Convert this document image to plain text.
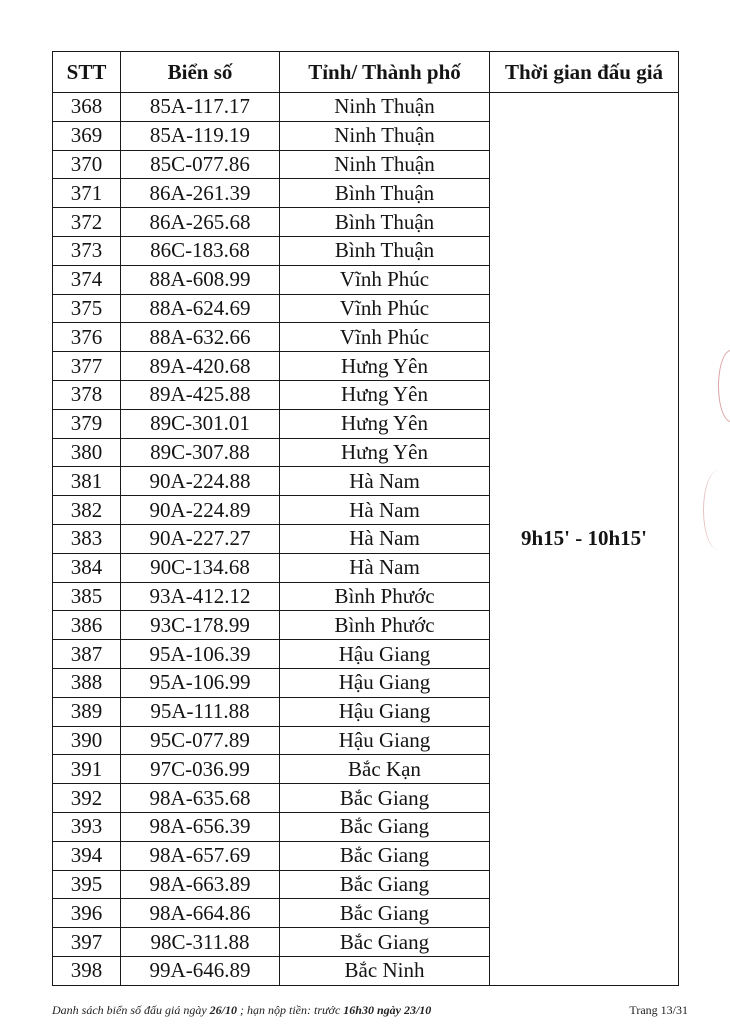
STT	Biển số	Tỉnh/ Thành phố	Thời gian đấu giá
368	85A-117.17	Ninh Thuận	9h15' - 10h15'
369	85A-119.19	Ninh Thuận	
370	85C-077.86	Ninh Thuận	
371	86A-261.39	Bình Thuận	
372	86A-265.68	Bình Thuận	
373	86C-183.68	Bình Thuận	
374	88A-608.99	Vĩnh Phúc	
375	88A-624.69	Vĩnh Phúc	
376	88A-632.66	Vĩnh Phúc	
377	89A-420.68	Hưng Yên	
378	89A-425.88	Hưng Yên	
379	89C-301.01	Hưng Yên	
380	89C-307.88	Hưng Yên	
381	90A-224.88	Hà Nam	
382	90A-224.89	Hà Nam	
383	90A-227.27	Hà Nam	
384	90C-134.68	Hà Nam	
385	93A-412.12	Bình Phước	
386	93C-178.99	Bình Phước	
387	95A-106.39	Hậu Giang	
388	95A-106.99	Hậu Giang	
389	95A-111.88	Hậu Giang	
390	95C-077.89	Hậu Giang	
391	97C-036.99	Bắc Kạn	
392	98A-635.68	Bắc Giang	
393	98A-656.39	Bắc Giang	
394	98A-657.69	Bắc Giang	
395	98A-663.89	Bắc Giang	
396	98A-664.86	Bắc Giang	
397	98C-311.88	Bắc Giang	
398	99A-646.89	Bắc Ninh	
Danh sách biển số đấu giá ngày 26/10 ; hạn nộp tiền: trước 16h30 ngày 23/10	Trang 13/31
